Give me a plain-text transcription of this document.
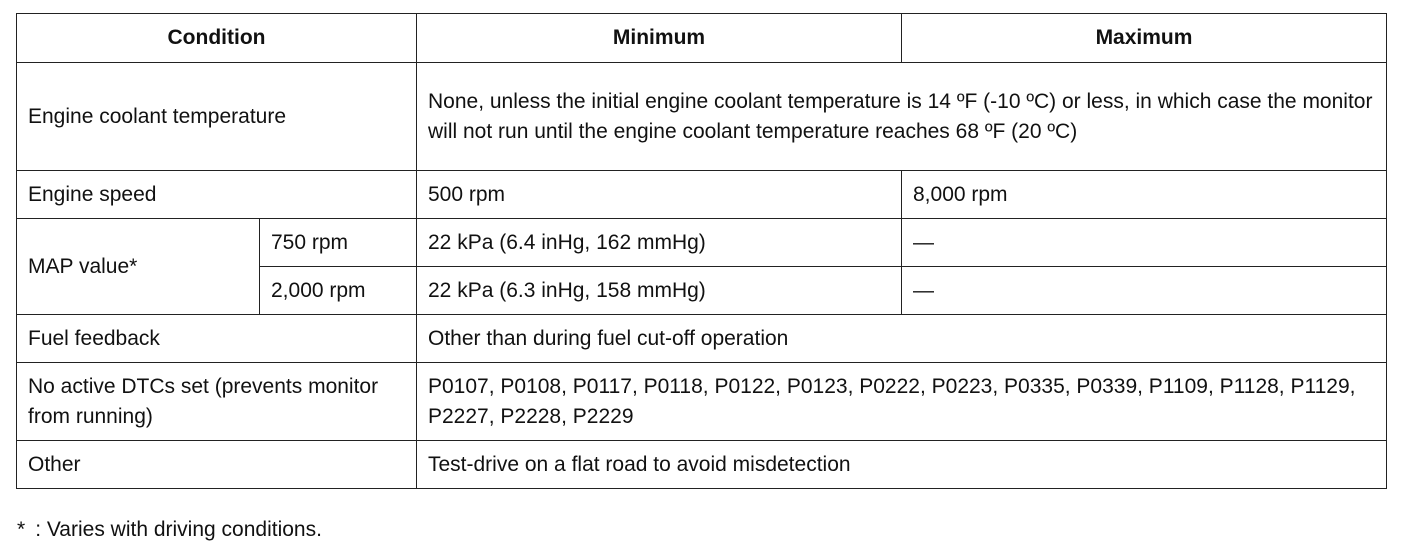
Condition		Minimum	Maximum
Engine coolant temperature		None, unless the initial engine coolant temperature is 14 ºF (-10 ºC) or less, in which case the monitor will not run until the engine coolant temperature reaches 68 ºF (20 ºC)	
Engine speed		500 rpm	8,000 rpm
MAP value*	750 rpm	22 kPa (6.4 inHg, 162 mmHg)	—
	2,000 rpm	22 kPa (6.3 inHg, 158 mmHg)	—
Fuel feedback		Other than during fuel cut-off operation	
No active DTCs set (prevents monitor from running)		P0107, P0108, P0117, P0118, P0122, P0123, P0222, P0223, P0335, P0339, P1109, P1128, P1129, P2227, P2228, P2229	
Other		Test-drive on a flat road to avoid misdetection	
* : Varies with driving conditions.
